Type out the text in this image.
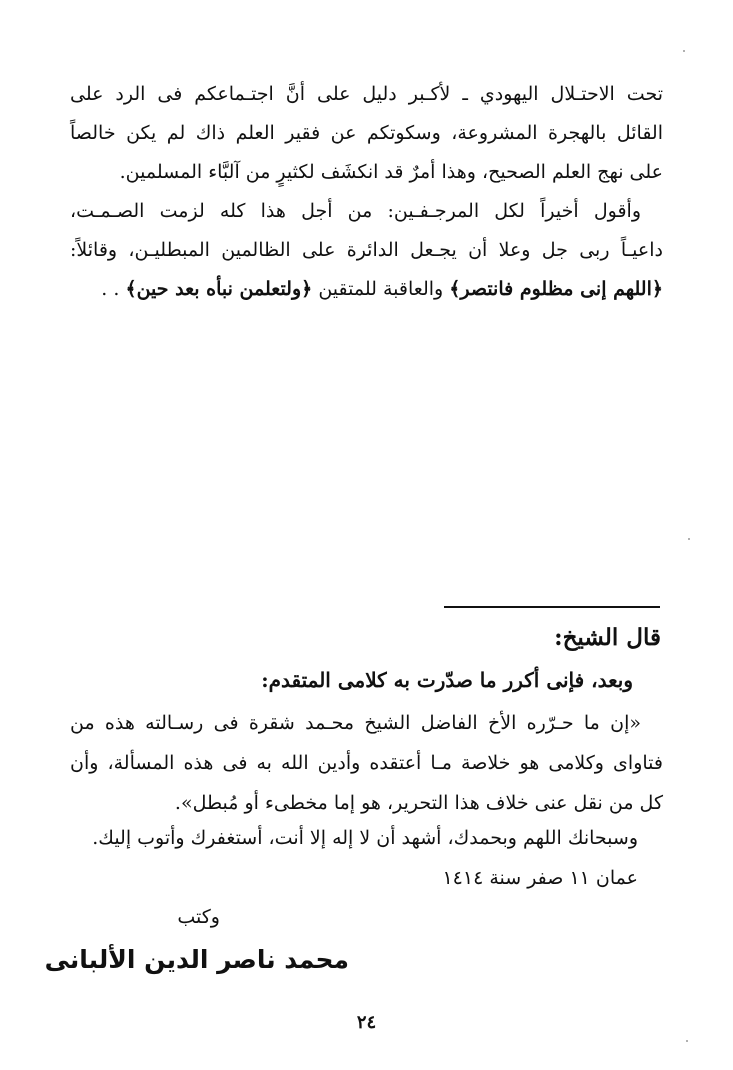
تحت الاحتـلال اليهودي ـ لأكـبر دليل على أنَّ اجتـماعكم فى الرد على
القائل بالهجرة المشروعة، وسكوتكم عن فقير العلم ذاك لم يكن خالصاً
على نهج العلم الصحيح، وهذا أمرٌ قد انكشَف لكثيرٍ من آلبَّاء المسلمين.
وأقول أخيراً لكل المرجـفـين: من أجل هذا كله لزمت الصـمـت،
داعيـاً ربى جل وعلا أن يجـعل الدائرة على الظالمين المبطليـن، وقائلاً:
﴿اللهم إنى مظلوم فانتصر﴾ والعاقبة للمتقين ﴿ولتعلمن نبأه بعد حين﴾ . .
قال الشيخ:
وبعد، فإنى أكرر ما صدّرت به كلامى المتقدم:
«إن ما حـرّره الأخ الفاضل الشيخ محـمد شقرة فى رسـالته هذه من
فتاواى وكلامى هو خلاصة مـا أعتقده وأدين الله به فى هذه المسألة، وأن
كل من نقل عنى خلاف هذا التحرير، هو إما مخطىء أو مُبطل».
وسبحانك اللهم وبحمدك، أشهد أن لا إله إلا أنت، أستغفرك وأتوب إليك.
عمان ١١ صفر سنة ١٤١٤
وكتب
محمد ناصر الدين الألبانى
٢٤
